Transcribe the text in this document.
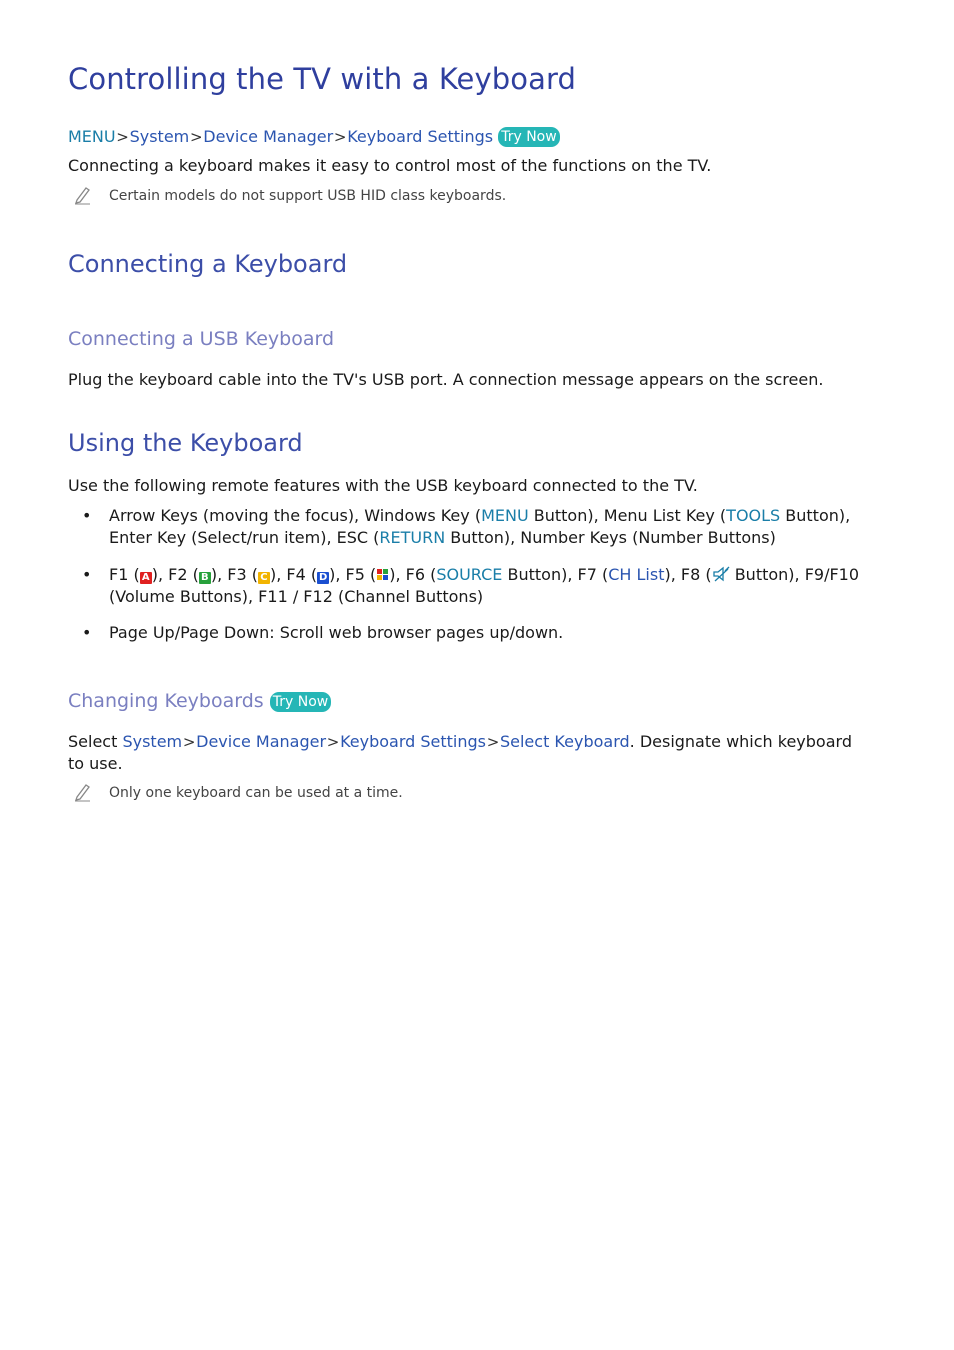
Controlling the TV with a Keyboard
MENU>System>Device Manager>Keyboard Settings Try Now

Connecting a keyboard makes it easy to control most of the functions on the TV.

Certain models do not support USB HID class keyboards.

Connecting a Keyboard
Connecting a USB Keyboard

Plug the keyboard cable into the TV's USB port. A connection message appears on the screen.

Using the Keyboard

Use the following remote features with the USB keyboard connected to the TV.

• Arrow Keys (moving the focus), Windows Key (MENU Button), Menu List Key (TOOLS Button),
Enter Key (Select/run item), ESC (RETURN Button), Number Keys (Number Buttons)
• F1 ( A ), F2 ( B ), F3 ( C ), F4 ( D ), F5 ( ), F6 (SOURCE Button), F7 (CH List), F8 ( Button), F9/F10

(Volume Buttons), F11 / F12 (Channel Buttons)

• Page Up/Page Down: Scroll web browser pages up/down.

Changing Keyboards Try Now
Select System>Device Manager>Keyboard Settings>Select Keyboard. Designate which keyboard

to use.

Only one keyboard can be used at a time.
